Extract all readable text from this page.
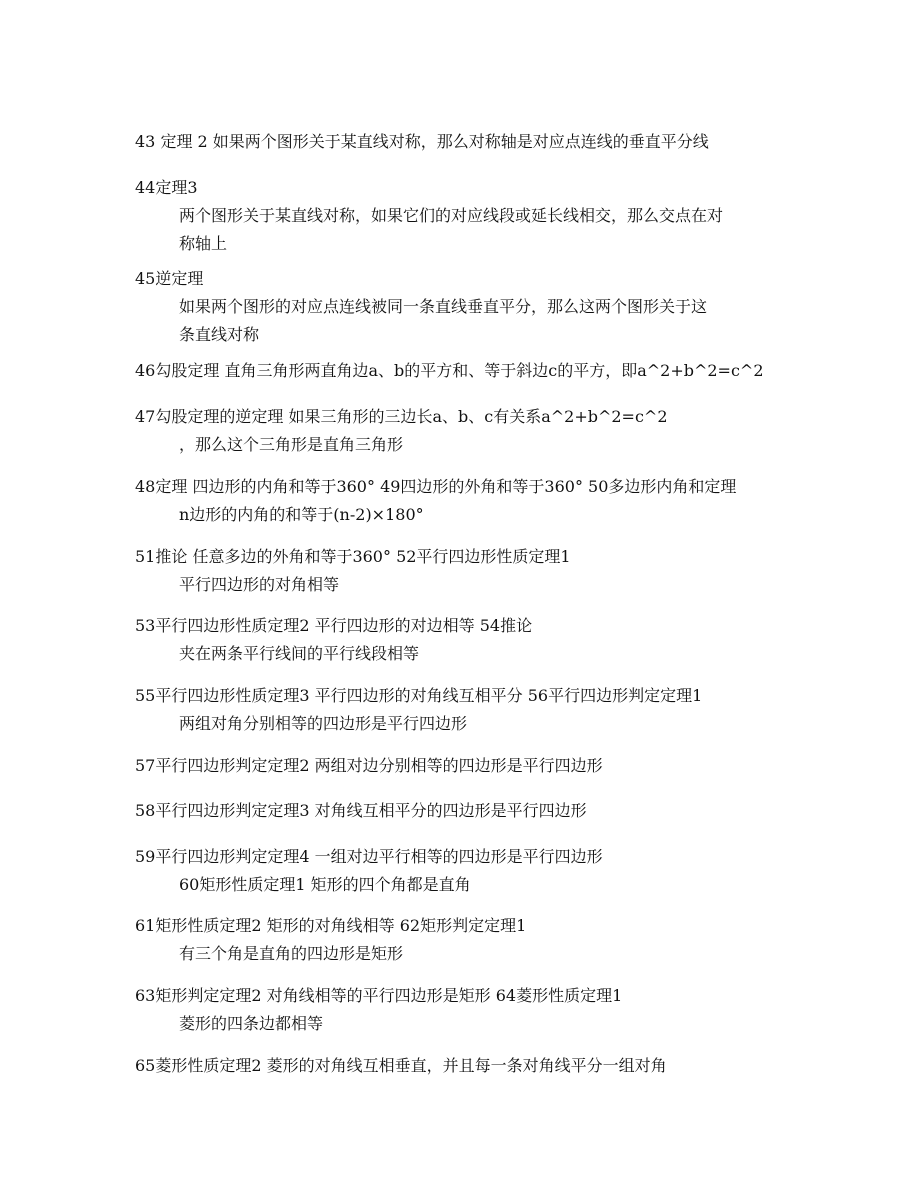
43 定理 2 如果两个图形关于某直线对称，那么对称轴是对应点连线的垂直平分线
44定理3
两个图形关于某直线对称，如果它们的对应线段或延长线相交，那么交点在对
称轴上
45逆定理
如果两个图形的对应点连线被同一条直线垂直平分，那么这两个图形关于这
条直线对称
46勾股定理 直角三角形两直角边a、b的平方和、等于斜边c的平方，即a^2+b^2=c^2
47勾股定理的逆定理 如果三角形的三边长a、b、c有关系a^2+b^2=c^2
，那么这个三角形是直角三角形
48定理 四边形的内角和等于360° 49四边形的外角和等于360° 50多边形内角和定理
n边形的内角的和等于(n-2)×180°
51推论 任意多边的外角和等于360° 52平行四边形性质定理1
平行四边形的对角相等
53平行四边形性质定理2 平行四边形的对边相等 54推论
夹在两条平行线间的平行线段相等
55平行四边形性质定理3 平行四边形的对角线互相平分 56平行四边形判定定理1
两组对角分别相等的四边形是平行四边形
57平行四边形判定定理2 两组对边分别相等的四边形是平行四边形
58平行四边形判定定理3 对角线互相平分的四边形是平行四边形
59平行四边形判定定理4 一组对边平行相等的四边形是平行四边形
60矩形性质定理1 矩形的四个角都是直角
61矩形性质定理2 矩形的对角线相等 62矩形判定定理1
有三个角是直角的四边形是矩形
63矩形判定定理2 对角线相等的平行四边形是矩形 64菱形性质定理1
菱形的四条边都相等
65菱形性质定理2 菱形的对角线互相垂直，并且每一条对角线平分一组对角
